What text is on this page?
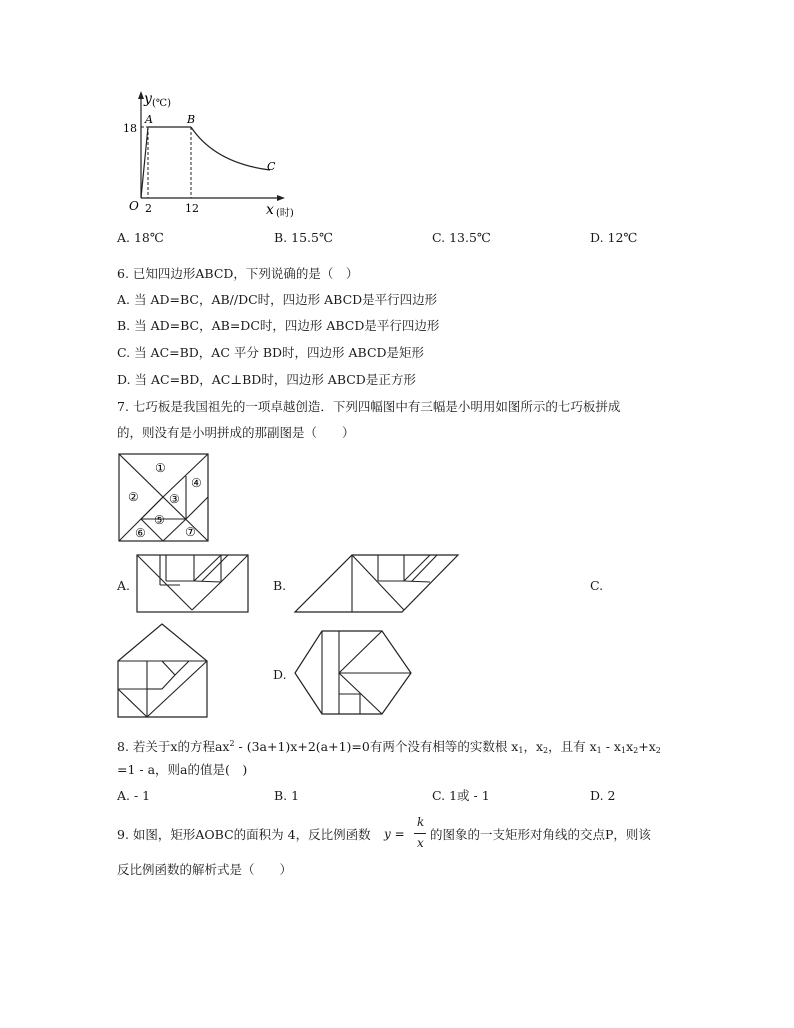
y (℃)
A	B
C
18
O 2	12	x (时)
A. 18℃	B. 15.5℃	C. 13.5℃	D. 12℃
6. 已知四边形ABCD，下列说确的是（　）
A. 当 AD=BC，AB//DC时，四边形 ABCD是平行四边形
B. 当 AD=BC，AB=DC时，四边形 ABCD是平行四边形
C. 当 AC=BD，AC 平分 BD时，四边形 ABCD是矩形
D. 当 AC=BD，AC⊥BD时，四边形 ABCD是正方形
7. 七巧板是我国祖先的一项卓越创造．下列四幅图中有三幅是小明用如图所示的七巧板拼成
的，则没有是小明拼成的那副图是（　　）
①
②	③
④
⑤
⑥	⑦
A.	B.	C.
D.
8. 若关于x的方程$ax^2 - (3a+1)x+2(a+1)=0$有两个没有相等的实数根 $x_1$，$x_2$，且有 $x_1 - x_1x_2+x_2$
=1 - a，则a的值是(　)
A. - 1	B. 1	C. 1或 - 1	D. 2
9. 如图，矩形AOBC的面积为 4，反比例函数 y =
k
x
的图象的一支矩形对角线的交点P，则该
反比例函数的解析式是（　　）
